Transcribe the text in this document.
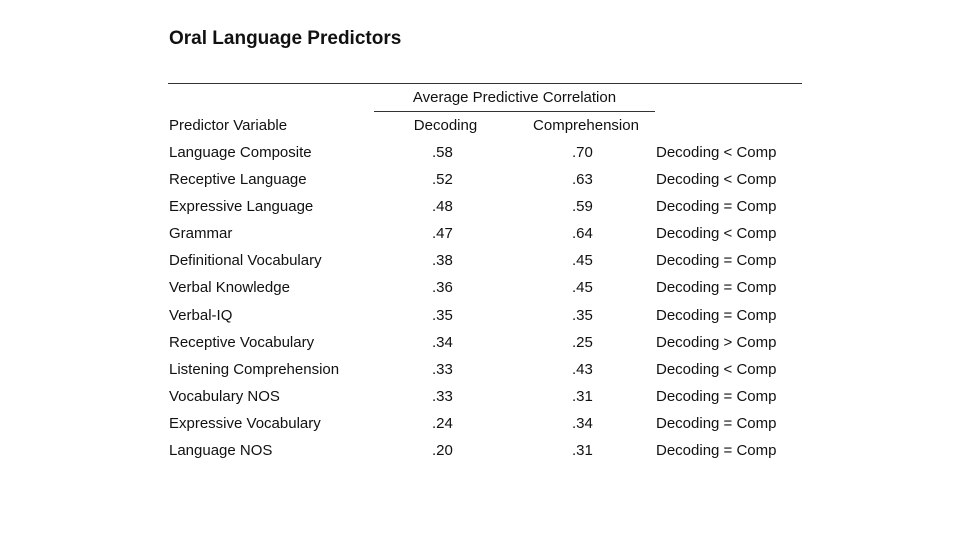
Oral Language Predictors
Average Predictive Correlation
Predictor Variable	Decoding	Comprehension
Language Composite	.58	.70	Decoding < Comp
Receptive Language	.52	.63	Decoding < Comp
Expressive Language	.48	.59	Decoding = Comp
Grammar	.47	.64	Decoding < Comp
Definitional Vocabulary	.38	.45	Decoding = Comp
Verbal Knowledge	.36	.45	Decoding = Comp
Verbal-IQ	.35	.35	Decoding = Comp
Receptive Vocabulary	.34	.25	Decoding > Comp
Listening Comprehension	.33	.43	Decoding < Comp
Vocabulary NOS	.33	.31	Decoding = Comp
Expressive Vocabulary	.24	.34	Decoding = Comp
Language NOS	.20	.31	Decoding = Comp
